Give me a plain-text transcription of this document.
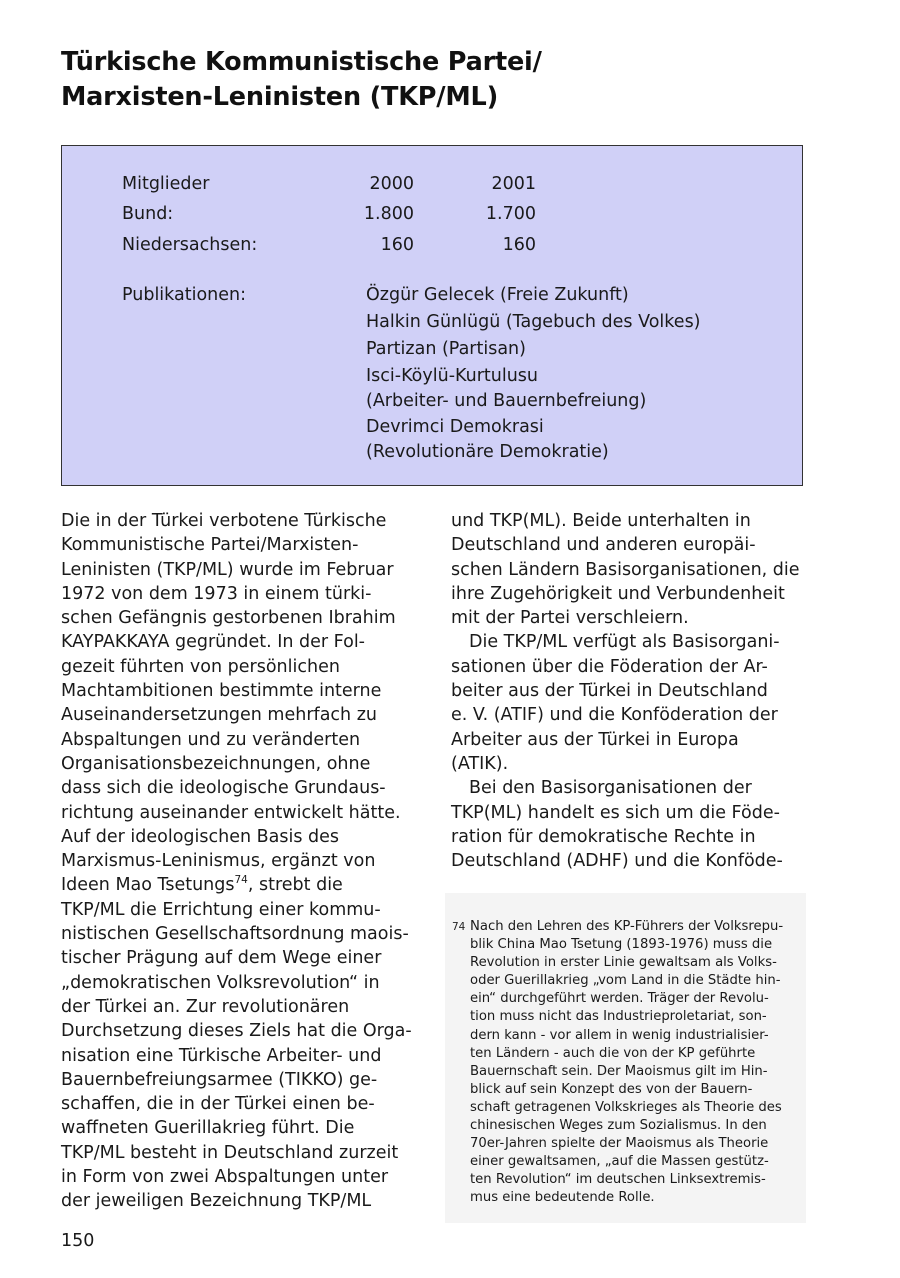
Türkische Kommunistische Partei/
Marxisten-Leninisten (TKP/ML)
Mitglieder	2000	2001
Bund:	1.800	1.700
Niedersachsen:	160	160
Publikationen:	Özgür Gelecek (Freie Zukunft)
Halkin Günlügü (Tagebuch des Volkes)
Partizan (Partisan)
Isci-Köylü-Kurtulusu
(Arbeiter- und Bauernbefreiung)
Devrimci Demokrasi
(Revolutionäre Demokratie)
Die in der Türkei verbotene Türkische
Kommunistische Partei/Marxisten-
Leninisten (TKP/ML) wurde im Februar
1972 von dem 1973 in einem türki-
schen Gefängnis gestorbenen Ibrahim
KAYPAKKAYA gegründet. In der Fol-
gezeit führten von persönlichen
Machtambitionen bestimmte interne
Auseinandersetzungen mehrfach zu
Abspaltungen und zu veränderten
Organisationsbezeichnungen, ohne
dass sich die ideologische Grundaus-
richtung auseinander entwickelt hätte.
Auf der ideologischen Basis des
Marxismus-Leninismus, ergänzt von
Ideen Mao Tsetungs$^{74}$, strebt die
TKP/ML die Errichtung einer kommu-
nistischen Gesellschaftsordnung maois-
tischer Prägung auf dem Wege einer
„demokratischen Volksrevolution“ in
der Türkei an. Zur revolutionären
Durchsetzung dieses Ziels hat die Orga-
nisation eine Türkische Arbeiter- und
Bauernbefreiungsarmee (TIKKO) ge-
schaffen, die in der Türkei einen be-
waffneten Guerillakrieg führt. Die
TKP/ML besteht in Deutschland zurzeit
in Form von zwei Abspaltungen unter
der jeweiligen Bezeichnung TKP/ML
und TKP(ML). Beide unterhalten in
Deutschland und anderen europäi-
schen Ländern Basisorganisationen, die
ihre Zugehörigkeit und Verbundenheit
mit der Partei verschleiern.
Die TKP/ML verfügt als Basisorgani-
sationen über die Föderation der Ar-
beiter aus der Türkei in Deutschland
e. V. (ATIF) und die Konföderation der
Arbeiter aus der Türkei in Europa
(ATIK).
Bei den Basisorganisationen der
TKP(ML) handelt es sich um die Föde-
ration für demokratische Rechte in
Deutschland (ADHF) und die Konföde-
74 Nach den Lehren des KP-Führers der Volksrepu-
blik China Mao Tsetung (1893-1976) muss die
Revolution in erster Linie gewaltsam als Volks-
oder Guerillakrieg „vom Land in die Städte hin-
ein“ durchgeführt werden. Träger der Revolu-
tion muss nicht das Industrieproletariat, son-
dern kann - vor allem in wenig industrialisier-
ten Ländern - auch die von der KP geführte
Bauernschaft sein. Der Maoismus gilt im Hin-
blick auf sein Konzept des von der Bauern-
schaft getragenen Volkskrieges als Theorie des
chinesischen Weges zum Sozialismus. In den
70er-Jahren spielte der Maoismus als Theorie
einer gewaltsamen, „auf die Massen gestütz-
ten Revolution“ im deutschen Linksextremis-
mus eine bedeutende Rolle.
150
